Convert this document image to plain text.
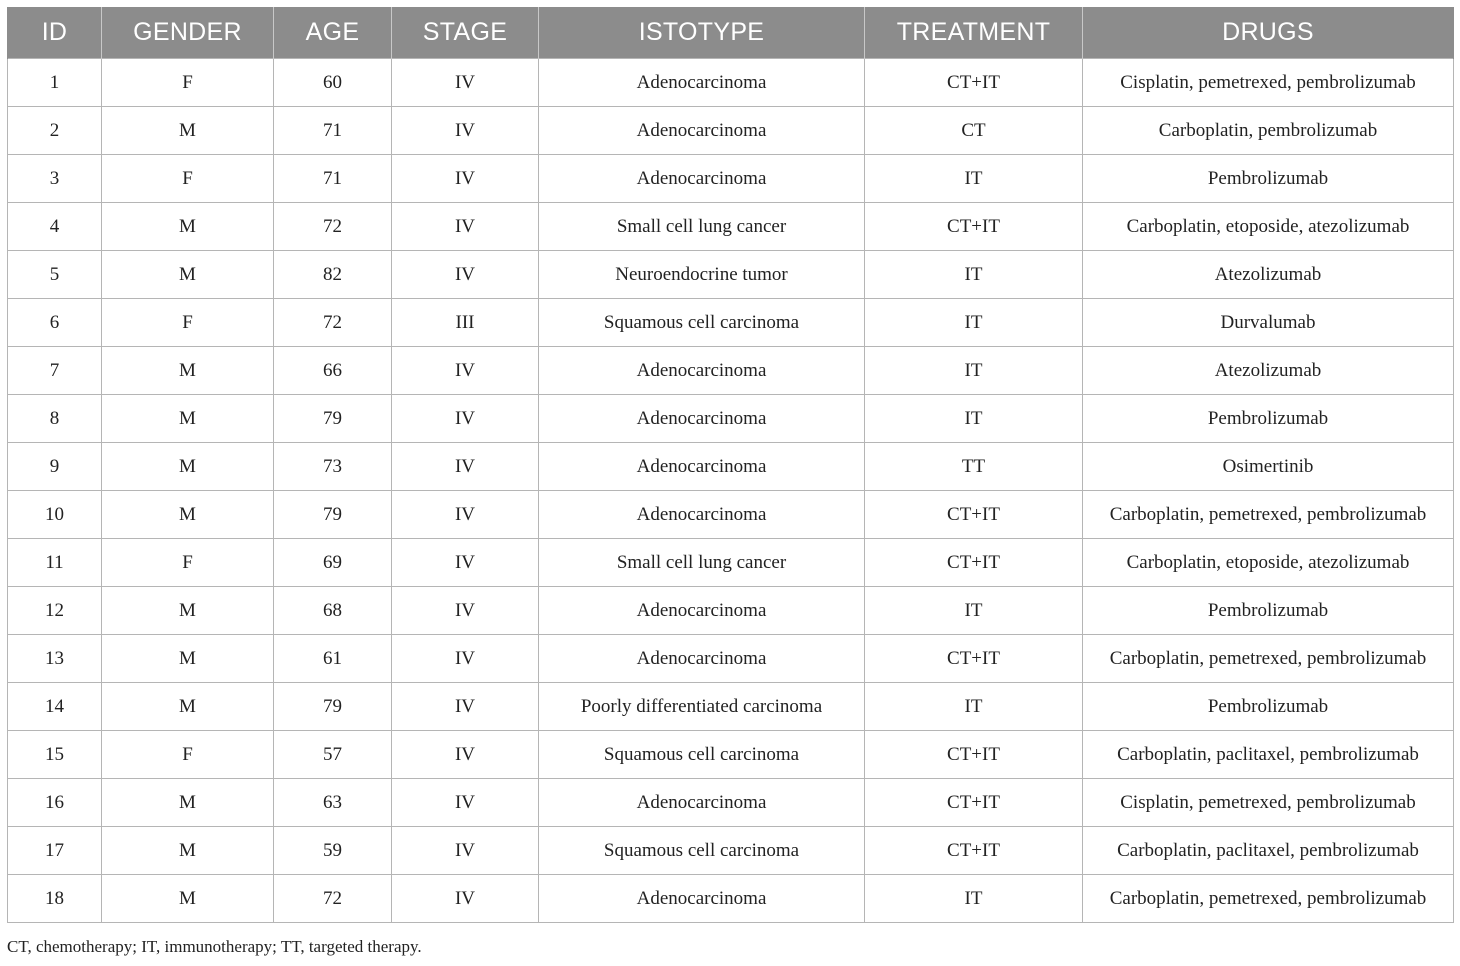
ID	GENDER	AGE	STAGE	ISTOTYPE	TREATMENT	DRUGS
1	F	60	IV	Adenocarcinoma	CT+IT	Cisplatin, pemetrexed, pembrolizumab
2	M	71	IV	Adenocarcinoma	CT	Carboplatin, pembrolizumab
3	F	71	IV	Adenocarcinoma	IT	Pembrolizumab
4	M	72	IV	Small cell lung cancer	CT+IT	Carboplatin, etoposide, atezolizumab
5	M	82	IV	Neuroendocrine tumor	IT	Atezolizumab
6	F	72	III	Squamous cell carcinoma	IT	Durvalumab
7	M	66	IV	Adenocarcinoma	IT	Atezolizumab
8	M	79	IV	Adenocarcinoma	IT	Pembrolizumab
9	M	73	IV	Adenocarcinoma	TT	Osimertinib
10	M	79	IV	Adenocarcinoma	CT+IT	Carboplatin, pemetrexed, pembrolizumab
11	F	69	IV	Small cell lung cancer	CT+IT	Carboplatin, etoposide, atezolizumab
12	M	68	IV	Adenocarcinoma	IT	Pembrolizumab
13	M	61	IV	Adenocarcinoma	CT+IT	Carboplatin, pemetrexed, pembrolizumab
14	M	79	IV	Poorly differentiated carcinoma	IT	Pembrolizumab
15	F	57	IV	Squamous cell carcinoma	CT+IT	Carboplatin, paclitaxel, pembrolizumab
16	M	63	IV	Adenocarcinoma	CT+IT	Cisplatin, pemetrexed, pembrolizumab
17	M	59	IV	Squamous cell carcinoma	CT+IT	Carboplatin, paclitaxel, pembrolizumab
18	M	72	IV	Adenocarcinoma	IT	Carboplatin, pemetrexed, pembrolizumab
CT, chemotherapy; IT, immunotherapy; TT, targeted therapy.
